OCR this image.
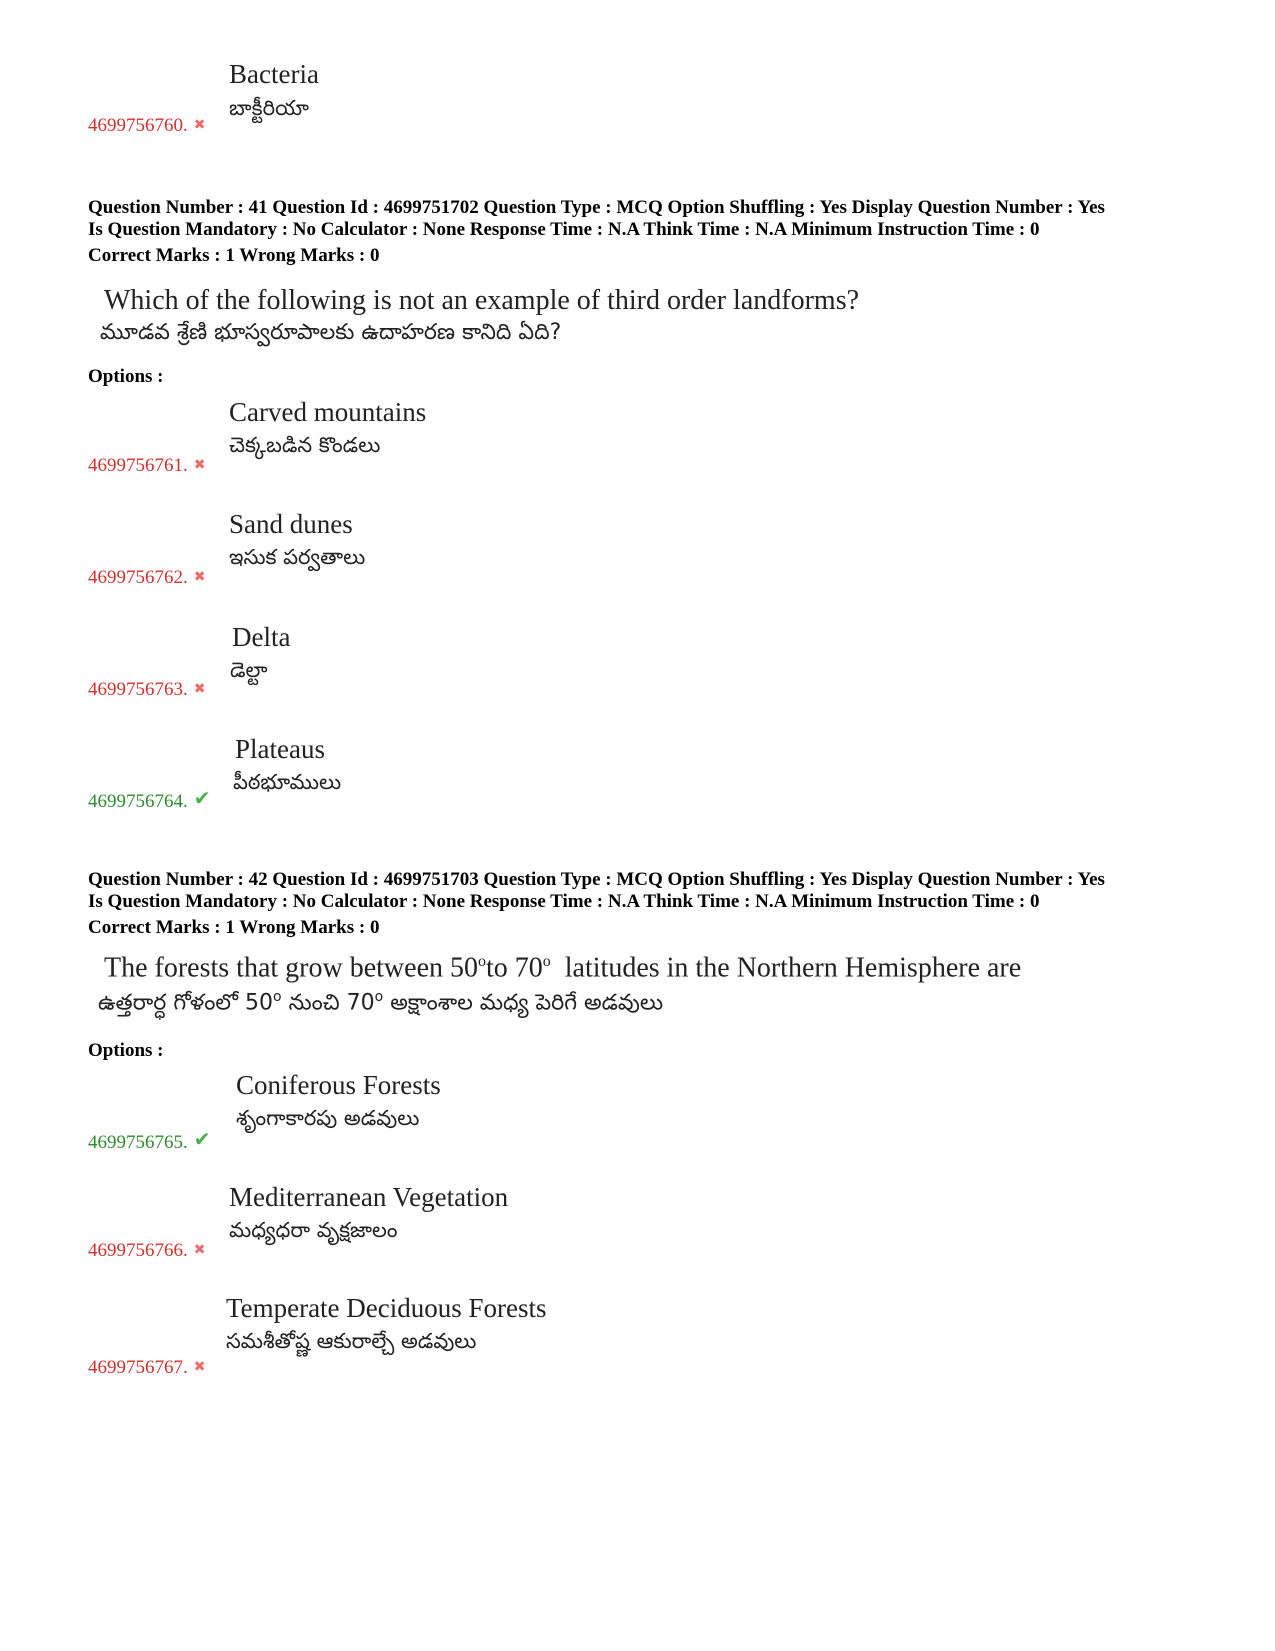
Bacteria
బాక్టీరియా
4699756760. ✖
Question Number : 41 Question Id : 4699751702 Question Type : MCQ Option Shuffling : Yes Display Question Number : Yes
Is Question Mandatory : No Calculator : None Response Time : N.A Think Time : N.A Minimum Instruction Time : 0
Correct Marks : 1 Wrong Marks : 0
Which of the following is not an example of third order landforms?
మూడవ శ్రేణి భూస్వరూపాలకు ఉదాహరణ కానిది ఏది?
Options :
Carved mountains
చెక్కబడిన కొండలు
4699756761. ✖
Sand dunes
ఇసుక పర్వతాలు
4699756762. ✖
Delta
డెల్టా
4699756763. ✖
Plateaus
పీఠభూములు
4699756764. ✔
Question Number : 42 Question Id : 4699751703 Question Type : MCQ Option Shuffling : Yes Display Question Number : Yes
Is Question Mandatory : No Calculator : None Response Time : N.A Think Time : N.A Minimum Instruction Time : 0
Correct Marks : 1 Wrong Marks : 0
The forests that grow between 50$^o$to 70$^o$ latitudes in the Northern Hemisphere are
ఉత్తరార్ధ గోళంలో 50$^o$ నుంచి 70$^o$ అక్షాంశాల మధ్య పెరిగే అడవులు
Options :
Coniferous Forests
శృంగాకారపు అడవులు
4699756765. ✔
Mediterranean Vegetation
మధ్యధరా వృక్షజాలం
4699756766. ✖
Temperate Deciduous Forests
సమశీతోష్ణ ఆకురాల్చే అడవులు
4699756767. ✖
